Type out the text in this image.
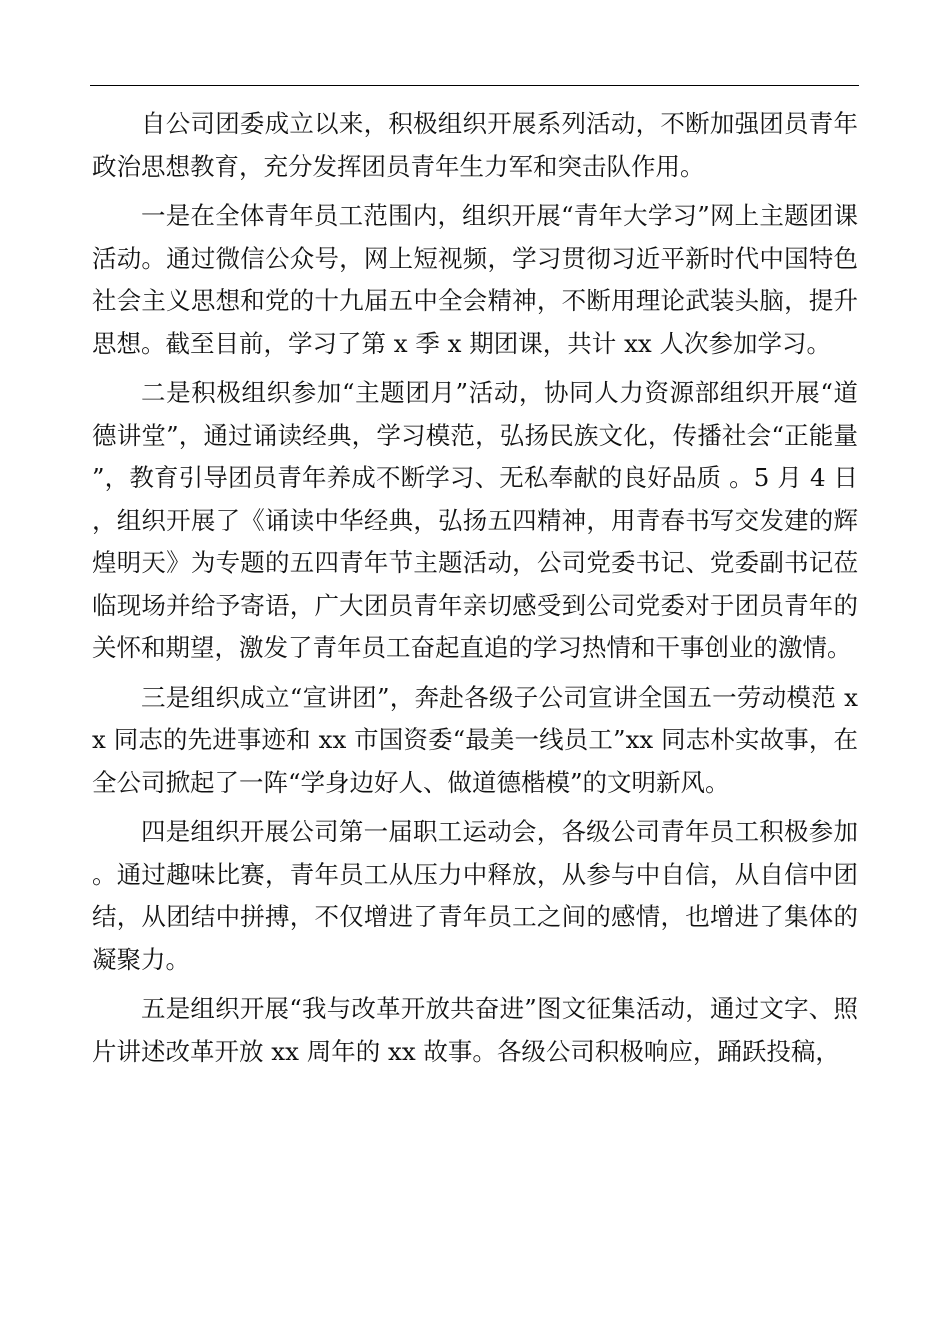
自公司团委成立以来，积极组织开展系列活动，不断加强团员青年政治思想教育，充分发挥团员青年生力军和突击队作用。

一是在全体青年员工范围内，组织开展“青年大学习”网上主题团课活动。通过微信公众号，网上短视频，学习贯彻习近平新时代中国特色社会主义思想和党的十九届五中全会精神，不断用理论武装头脑，提升思想。截至目前，学习了第 x 季 x 期团课，共计 xx 人次参加学习。

二是积极组织参加“主题团月”活动，协同人力资源部组织开展“道德讲堂”，通过诵读经典，学习模范，弘扬民族文化，传播社会“正能量”，教育引导团员青年养成不断学习、无私奉献的良好品质 。5 月 4 日，组织开展了《诵读中华经典，弘扬五四精神，用青春书写交发建的辉煌明天》为专题的五四青年节主题活动，公司党委书记、党委副书记莅临现场并给予寄语，广大团员青年亲切感受到公司党委对于团员青年的关怀和期望，激发了青年员工奋起直追的学习热情和干事创业的激情。

三是组织成立“宣讲团”，奔赴各级子公司宣讲全国五一劳动模范 xx 同志的先进事迹和 xx 市国资委“最美一线员工”xx 同志朴实故事，在全公司掀起了一阵“学身边好人、做道德楷模”的文明新风。

四是组织开展公司第一届职工运动会，各级公司青年员工积极参加。通过趣味比赛，青年员工从压力中释放，从参与中自信，从自信中团结，从团结中拼搏，不仅增进了青年员工之间的感情，也增进了集体的凝聚力。

五是组织开展“我与改革开放共奋进”图文征集活动，通过文字、照片讲述改革开放 xx 周年的 xx 故事。各级公司积极响应，踊跃投稿，
